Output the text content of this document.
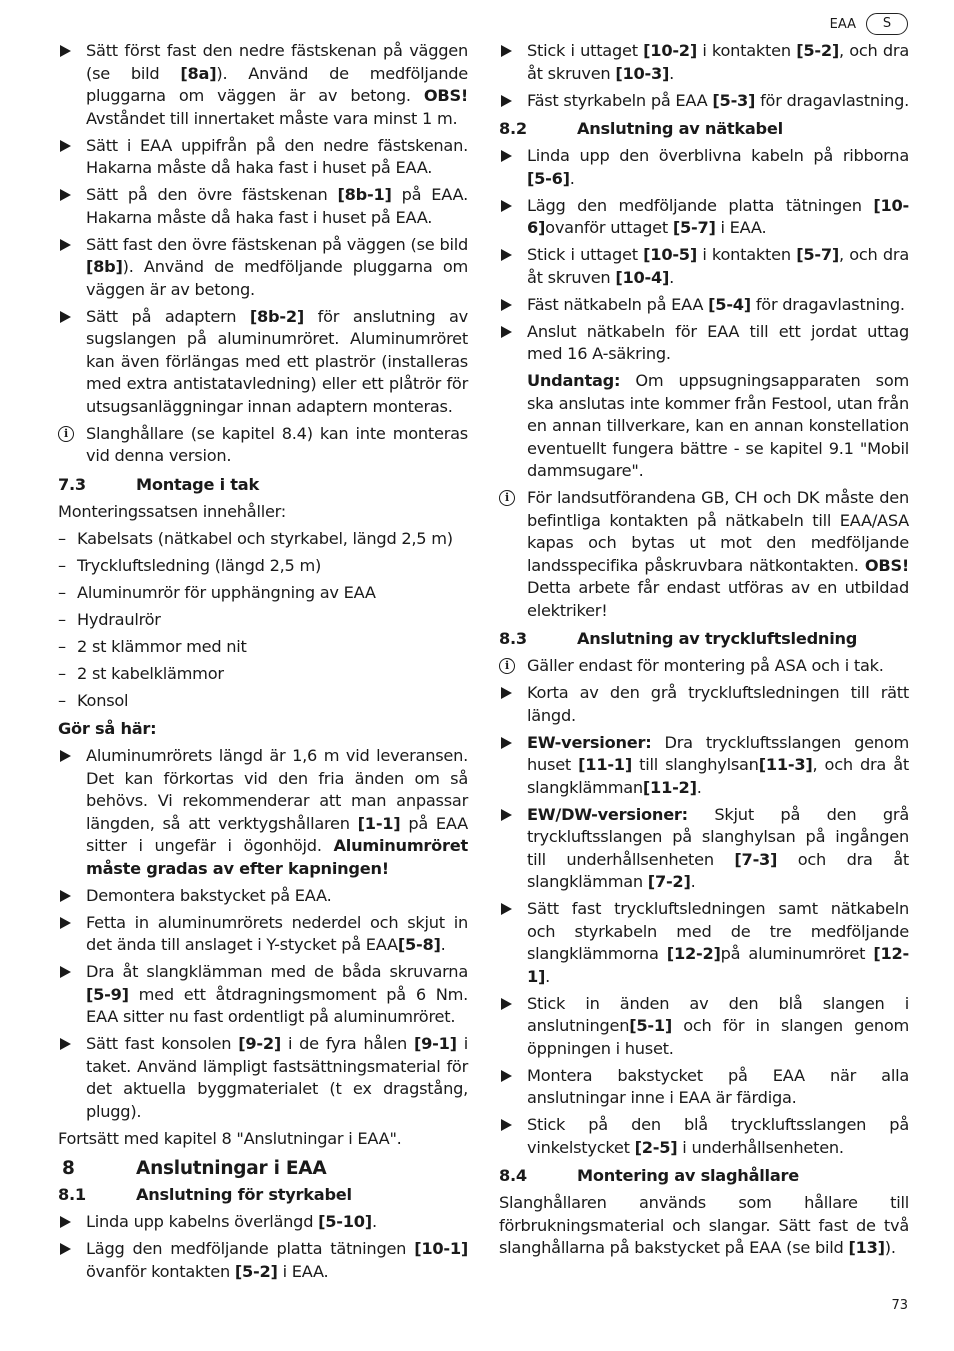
EAA	S
Sätt först fast den nedre fästskenan på väggen (se bild [8a]). Använd de medföljande pluggarna om väggen är av betong. OBS! Avståndet till innertaket måste vara minst 1 m.
Sätt i EAA uppifrån på den nedre fästskenan. Hakarna måste då haka fast i huset på EAA.
Sätt på den övre fästskenan [8b-1] på EAA. Hakarna måste då haka fast i huset på EAA.
Sätt fast den övre fästskenan på väggen (se bild [8b]). Använd de medföljande pluggarna om väggen är av betong.
Sätt på adaptern [8b-2] för anslutning av sugslangen på aluminumröret. Aluminumröret kan även förlängas med ett plaströr (installeras med extra antistatavledning) eller ett plåtrör för utsugsanläggningar innan adaptern monteras.
i	Slanghållare (se kapitel 8.4) kan inte monteras vid denna version.
7.3	Montage i tak
Monteringssatsen innehåller:
– Kabelsats (nätkabel och styrkabel, längd 2,5 m)
– Tryckluftsledning (längd 2,5 m)
– Aluminumrör för upphängning av EAA
– Hydraulrör
– 2 st klämmor med nit
– 2 st kabelklämmor
– Konsol
Gör så här:
Aluminumrörets längd är 1,6 m vid leveransen. Det kan förkortas vid den fria änden om så behövs. Vi rekommenderar att man anpassar längden, så att verktygshållaren [1-1] på EAA sitter i ungefär i ögonhöjd. Aluminumröret måste gradas av efter kapningen!
Demontera bakstycket på EAA.
Fetta in aluminumrörets nederdel och skjut in det ända till anslaget i Y-stycket på EAA[5-8].
Dra åt slangklämman med de båda skruvarna [5-9] med ett åtdragningsmoment på 6 Nm. EAA sitter nu fast ordentligt på aluminumröret.
Sätt fast konsolen [9-2] i de fyra hålen [9-1] i taket. Använd lämpligt fastsättningsmaterial för det aktuella byggmaterialet (t ex dragstång, plugg).
Fortsätt med kapitel 8 "Anslutningar i EAA".
8	Anslutningar i EAA
8.1	Anslutning för styrkabel
Linda upp kabelns överlängd [5-10].
Lägg den medföljande platta tätningen [10-1] övanför kontakten [5-2] i EAA.
Stick i uttaget [10-2] i kontakten [5-2], och dra åt skruven [10-3].
Fäst styrkabeln på EAA [5-3] för dragavlastning.
8.2	Anslutning av nätkabel
Linda upp den överblivna kabeln på ribborna [5-6].
Lägg den medföljande platta tätningen [10-6]ovanför uttaget [5-7] i EAA.
Stick i uttaget [10-5] i kontakten [5-7], och dra åt skruven [10-4].
Fäst nätkabeln på EAA [5-4] för dragavlastning.
Anslut nätkabeln för EAA till ett jordat uttag med 16 A-säkring.
Undantag: Om uppsugningsapparaten som ska anslutas inte kommer från Festool, utan från en annan tillverkare, kan en annan konstellation eventuellt fungera bättre - se kapitel 9.1 "Mobil dammsugare".
i	För landsutförandena GB, CH och DK måste den befintliga kontakten på nätkabeln till EAA/ASA kapas och bytas ut mot den medföljande landsspecifika påskruvbara nätkontakten. OBS! Detta arbete får endast utföras av en utbildad elektriker!
8.3	Anslutning av tryckluftsledning
i	Gäller endast för montering på ASA och i tak.
Korta av den grå tryckluftsledningen till rätt längd.
EW-versioner: Dra tryckluftsslangen genom huset [11-1] till slanghylsan[11-3], och dra åt slangklämman[11-2].
EW/DW-versioner: Skjut på den grå tryckluftsslangen på slanghylsan på ingången till underhållsenheten [7-3] och dra åt slangklämman [7-2].
Sätt fast tryckluftsledningen samt nätkabeln och styrkabeln med de tre medföljande slangklämmorna [12-2]på aluminumröret [12-1].
Stick in änden av den blå slangen i anslutningen[5-1] och för in slangen genom öppningen i huset.
Montera bakstycket på EAA när alla anslutningar inne i EAA är färdiga.
Stick på den blå tryckluftsslangen på vinkelstycket [2-5] i underhållsenheten.
8.4	Montering av slaghållare
Slanghållaren används som hållare till förbrukningsmaterial och slangar. Sätt fast de två slanghållarna på bakstycket på EAA (se bild [13]).
73
